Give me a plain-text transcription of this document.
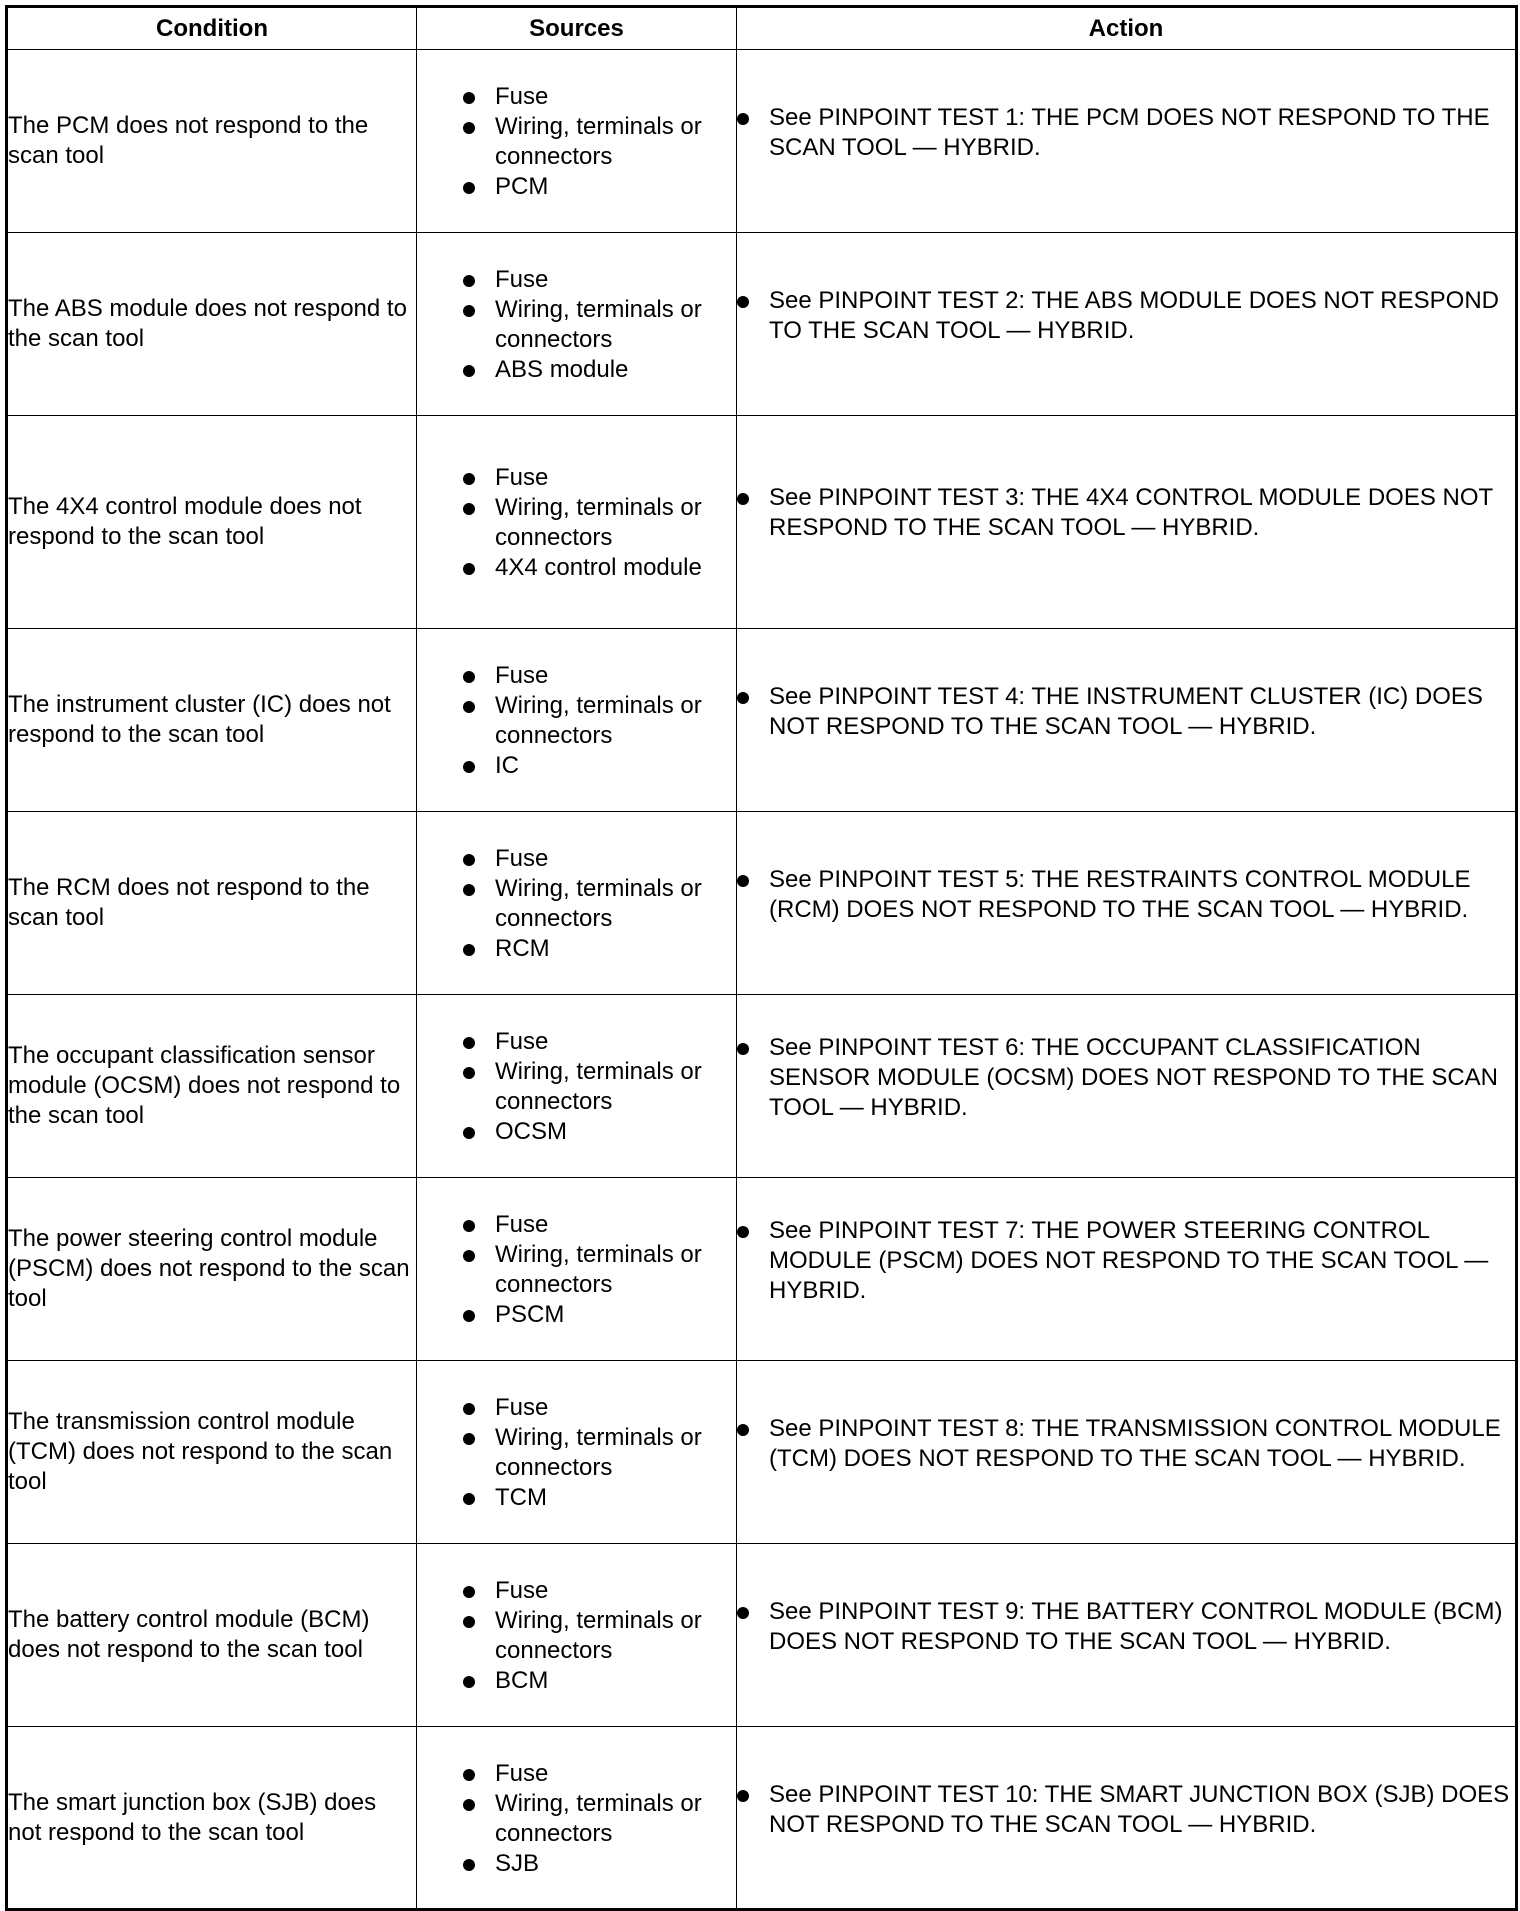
Condition	Sources	Action
The PCM does not respond to the scan tool	Fuse
Wiring, terminals or connectors
PCM	See PINPOINT TEST 1: THE PCM DOES NOT RESPOND TO THE SCAN TOOL — HYBRID.

The ABS module does not respond to the scan tool	Fuse
Wiring, terminals or connectors
ABS module	See PINPOINT TEST 2: THE ABS MODULE DOES NOT RESPOND TO THE SCAN TOOL — HYBRID.

The 4X4 control module does not respond to the scan tool	Fuse
Wiring, terminals or connectors
4X4 control module	See PINPOINT TEST 3: THE 4X4 CONTROL MODULE DOES NOT RESPOND TO THE SCAN TOOL — HYBRID.

The instrument cluster (IC) does not respond to the scan tool	Fuse
Wiring, terminals or connectors
IC	See PINPOINT TEST 4: THE INSTRUMENT CLUSTER (IC) DOES NOT RESPOND TO THE SCAN TOOL — HYBRID.

The RCM does not respond to the scan tool	Fuse
Wiring, terminals or connectors
RCM	See PINPOINT TEST 5: THE RESTRAINTS CONTROL MODULE (RCM) DOES NOT RESPOND TO THE SCAN TOOL — HYBRID.

The occupant classification sensor module (OCSM) does not respond to the scan tool	Fuse
Wiring, terminals or connectors
OCSM	See PINPOINT TEST 6: THE OCCUPANT CLASSIFICATION SENSOR MODULE (OCSM) DOES NOT RESPOND TO THE SCAN TOOL — HYBRID.

The power steering control module (PSCM) does not respond to the scan tool	Fuse
Wiring, terminals or connectors
PSCM	See PINPOINT TEST 7: THE POWER STEERING CONTROL MODULE (PSCM) DOES NOT RESPOND TO THE SCAN TOOL — HYBRID.

The transmission control module (TCM) does not respond to the scan tool	Fuse
Wiring, terminals or connectors
TCM	See PINPOINT TEST 8: THE TRANSMISSION CONTROL MODULE (TCM) DOES NOT RESPOND TO THE SCAN TOOL — HYBRID.

The battery control module (BCM) does not respond to the scan tool	Fuse
Wiring, terminals or connectors
BCM	See PINPOINT TEST 9: THE BATTERY CONTROL MODULE (BCM) DOES NOT RESPOND TO THE SCAN TOOL — HYBRID.

The smart junction box (SJB) does not respond to the scan tool	Fuse
Wiring, terminals or connectors
SJB	See PINPOINT TEST 10: THE SMART JUNCTION BOX (SJB) DOES NOT RESPOND TO THE SCAN TOOL — HYBRID.
